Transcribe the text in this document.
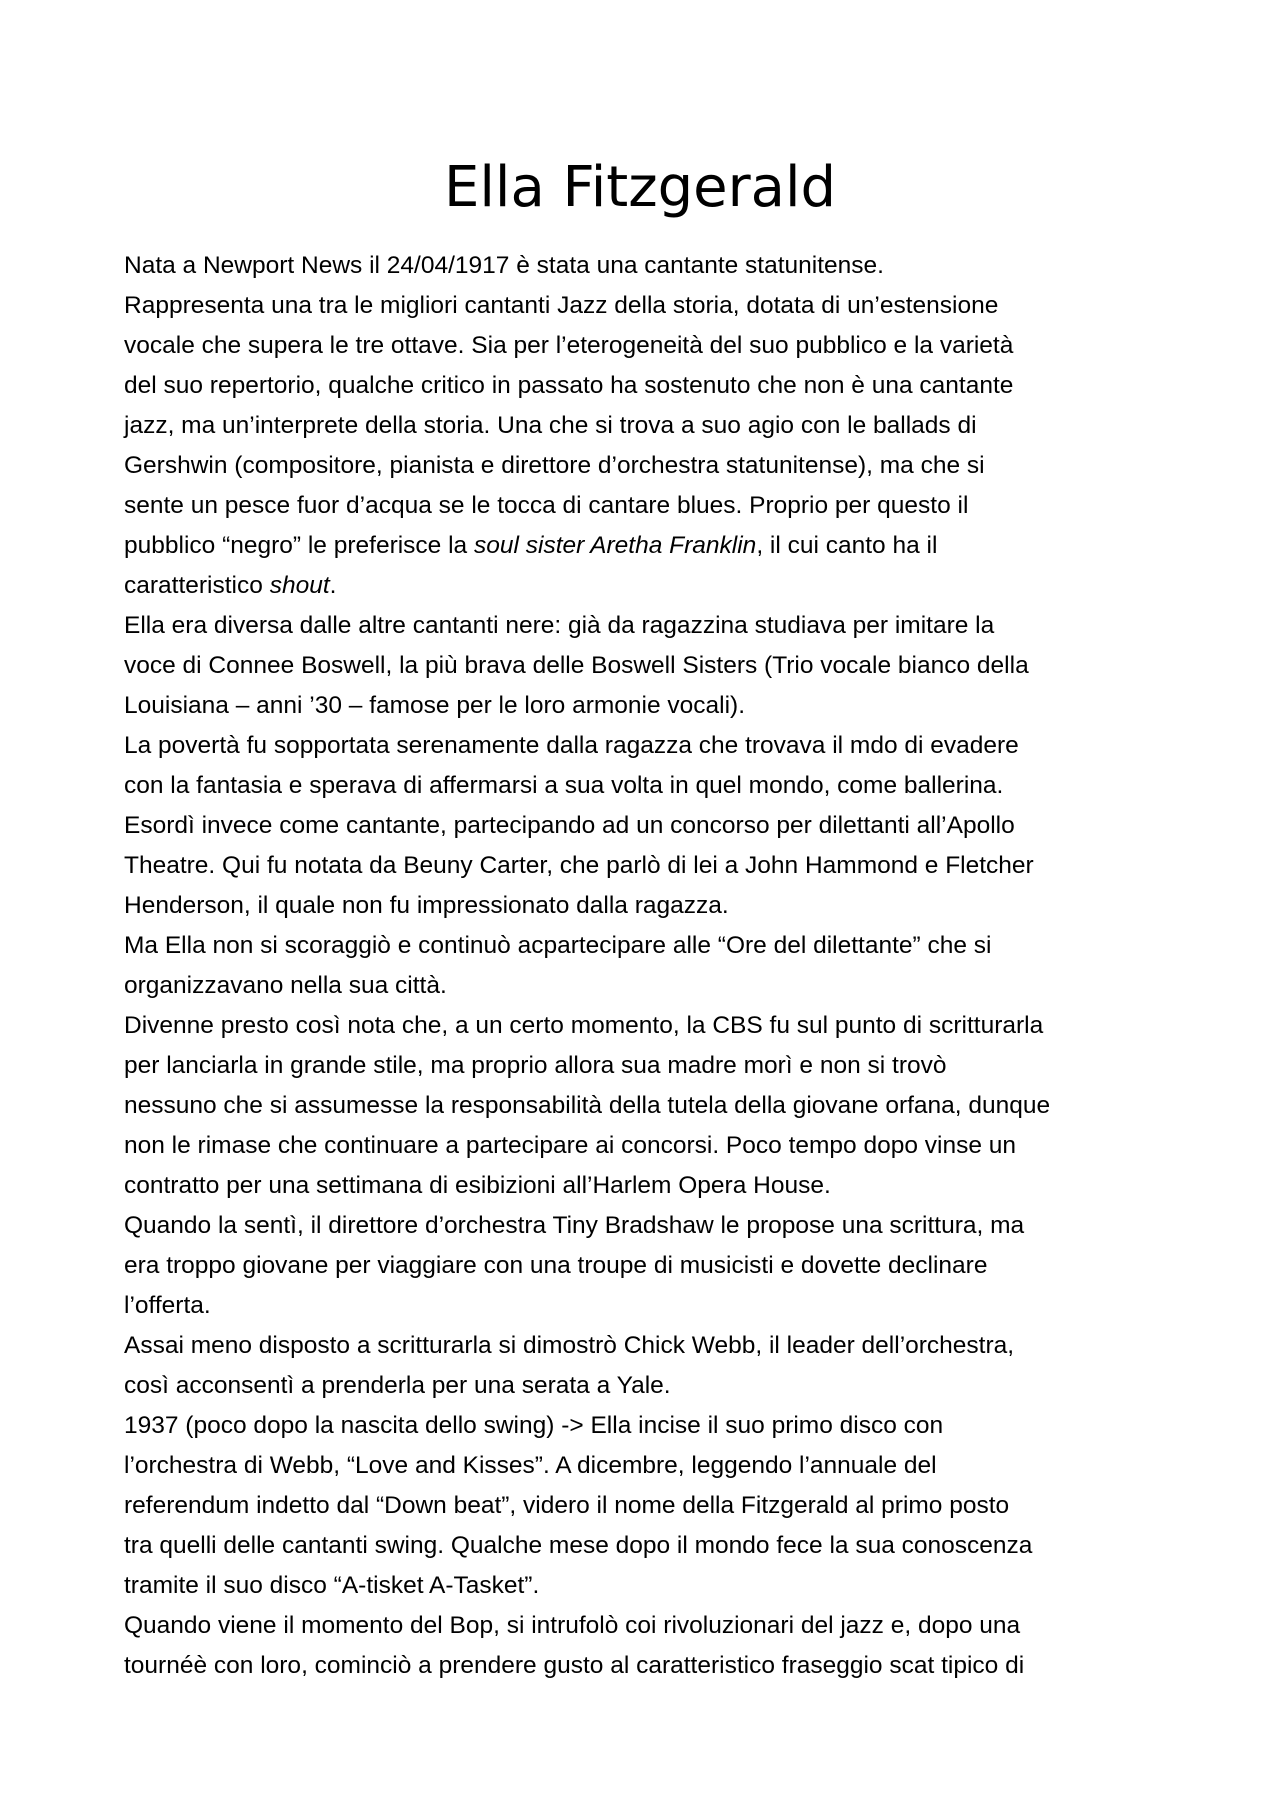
Ella Fitzgerald
Nata a Newport News il 24/04/1917 è stata una cantante statunitense.
Rappresenta una tra le migliori cantanti Jazz della storia, dotata di un’estensione
vocale che supera le tre ottave. Sia per l’eterogeneità del suo pubblico e la varietà
del suo repertorio, qualche critico in passato ha sostenuto che non è una cantante
jazz, ma un’interprete della storia. Una che si trova a suo agio con le ballads di
Gershwin (compositore, pianista e direttore d’orchestra statunitense), ma che si
sente un pesce fuor d’acqua se le tocca di cantare blues. Proprio per questo il
pubblico “negro” le preferisce la soul sister Aretha Franklin, il cui canto ha il
caratteristico shout.
Ella era diversa dalle altre cantanti nere: già da ragazzina studiava per imitare la
voce di Connee Boswell, la più brava delle Boswell Sisters (Trio vocale bianco della
Louisiana – anni ’30 – famose per le loro armonie vocali).
La povertà fu sopportata serenamente dalla ragazza che trovava il mdo di evadere
con la fantasia e sperava di affermarsi a sua volta in quel mondo, come ballerina.
Esordì invece come cantante, partecipando ad un concorso per dilettanti all’Apollo
Theatre. Qui fu notata da Beuny Carter, che parlò di lei a John Hammond e Fletcher
Henderson, il quale non fu impressionato dalla ragazza.
Ma Ella non si scoraggiò e continuò acpartecipare alle “Ore del dilettante” che si
organizzavano nella sua città.
Divenne presto così nota che, a un certo momento, la CBS fu sul punto di scritturarla
per lanciarla in grande stile, ma proprio allora sua madre morì e non si trovò
nessuno che si assumesse la responsabilità della tutela della giovane orfana, dunque
non le rimase che continuare a partecipare ai concorsi. Poco tempo dopo vinse un
contratto per una settimana di esibizioni all’Harlem Opera House.
Quando la sentì, il direttore d’orchestra Tiny Bradshaw le propose una scrittura, ma
era troppo giovane per viaggiare con una troupe di musicisti e dovette declinare
l’offerta.
Assai meno disposto a scritturarla si dimostrò Chick Webb, il leader dell’orchestra,
così acconsentì a prenderla per una serata a Yale.
1937 (poco dopo la nascita dello swing) -> Ella incise il suo primo disco con
l’orchestra di Webb, “Love and Kisses”. A dicembre, leggendo l’annuale del
referendum indetto dal “Down beat”, videro il nome della Fitzgerald al primo posto
tra quelli delle cantanti swing. Qualche mese dopo il mondo fece la sua conoscenza
tramite il suo disco “A-tisket A-Tasket”.
Quando viene il momento del Bop, si intrufolò coi rivoluzionari del jazz e, dopo una
tournéè con loro, cominciò a prendere gusto al caratteristico fraseggio scat tipico di
